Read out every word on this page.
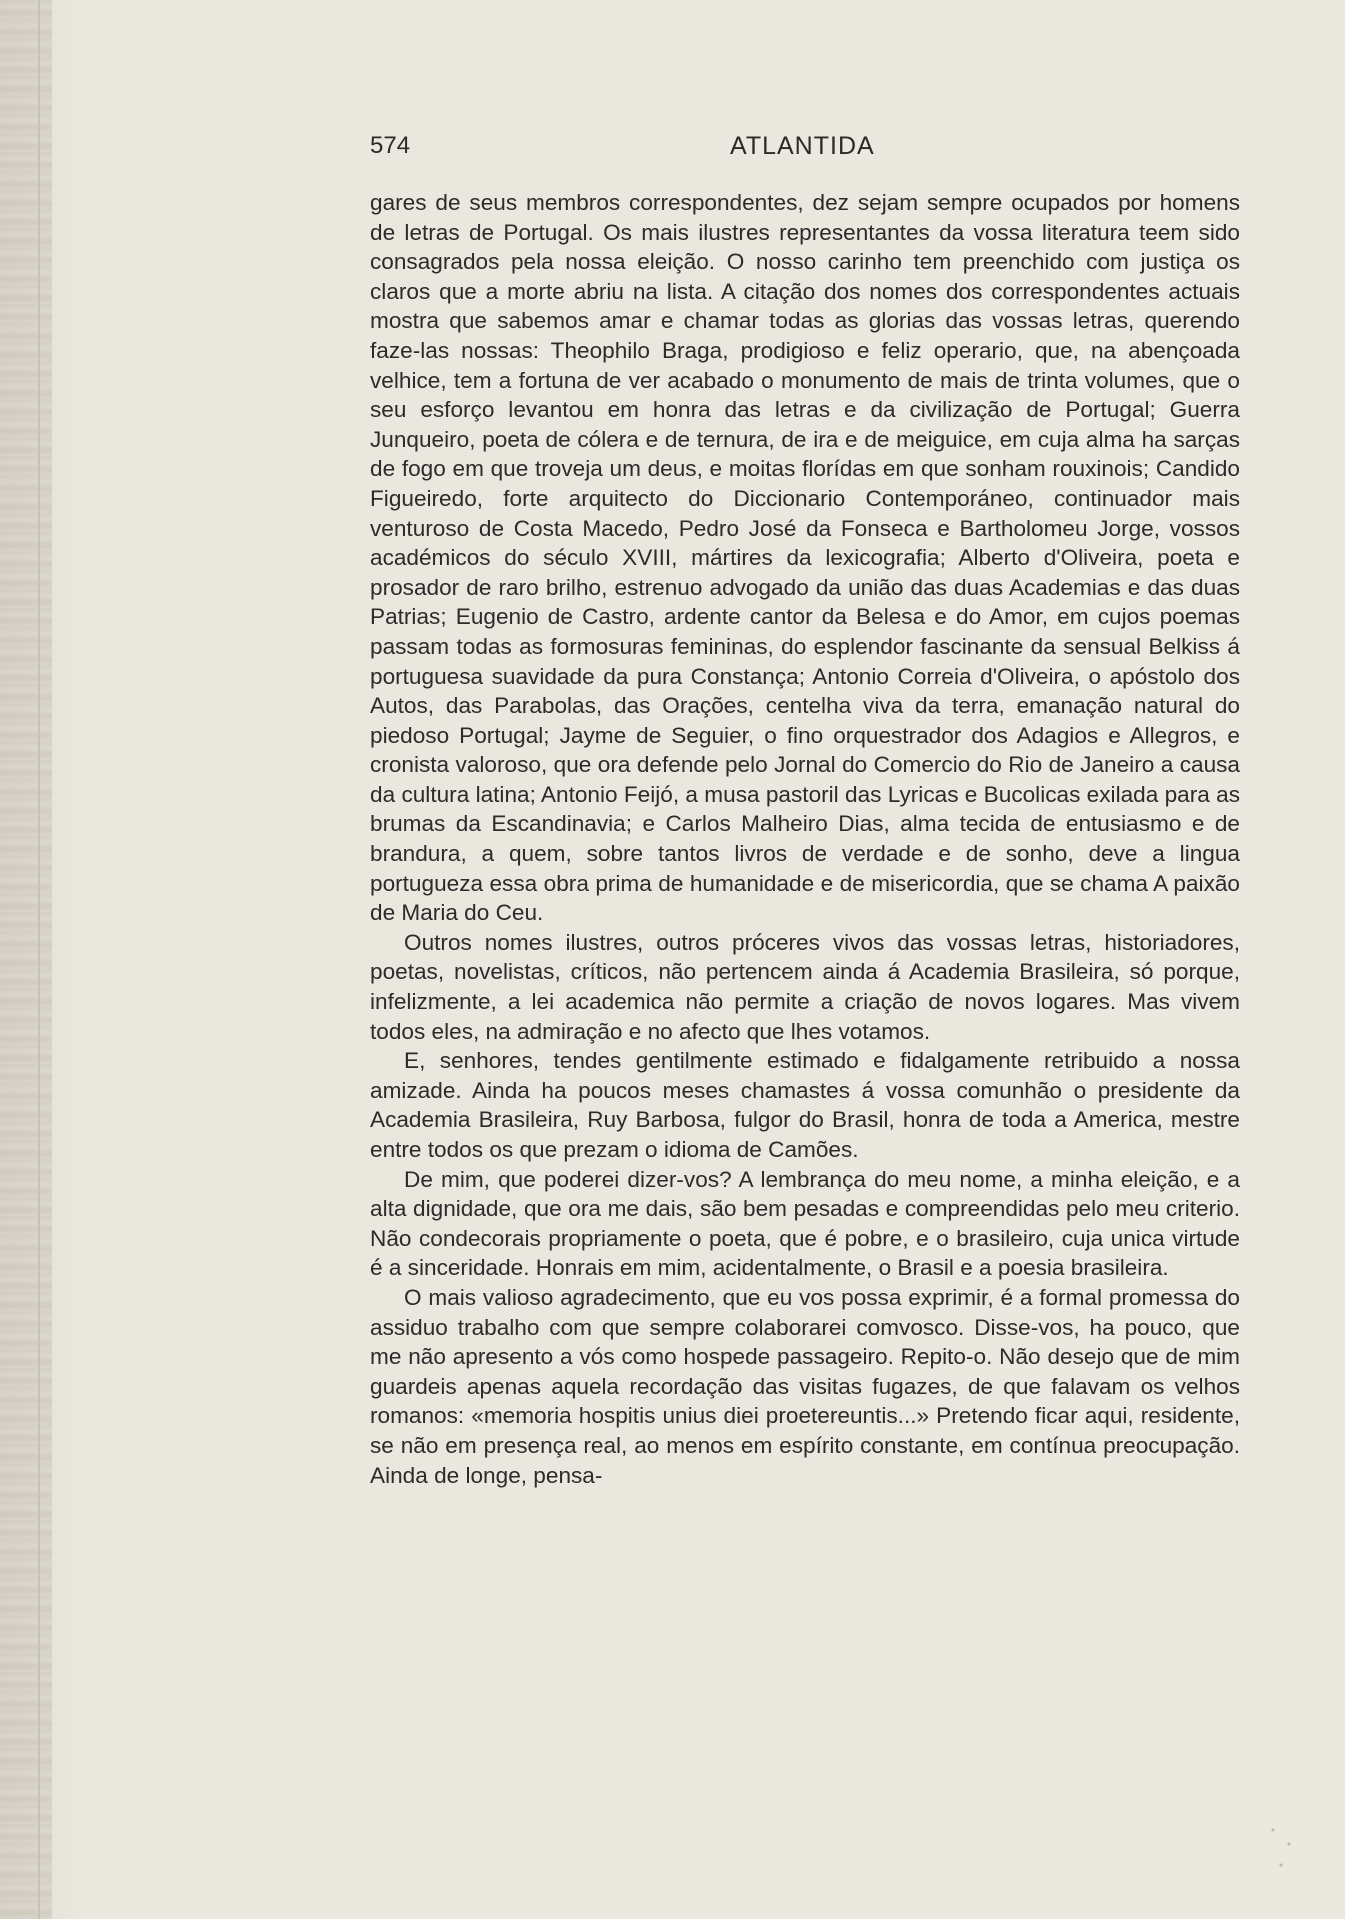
574	ATLANTIDA

gares de seus membros correspondentes, dez sejam sempre ocupados por homens de letras de Portugal. Os mais ilustres representantes da vossa literatura teem sido consagrados pela nossa eleição. O nosso carinho tem preenchido com justiça os claros que a morte abriu na lista. A citação dos nomes dos correspondentes actuais mostra que sabemos amar e chamar todas as glorias das vossas letras, querendo faze-las nossas: Theophilo Braga, prodigioso e feliz operario, que, na abençoada velhice, tem a fortuna de ver acabado o monumento de mais de trinta volumes, que o seu esforço levantou em honra das letras e da civilização de Portugal; Guerra Junqueiro, poeta de cólera e de ternura, de ira e de meiguice, em cuja alma ha sarças de fogo em que troveja um deus, e moitas florídas em que sonham rouxinois; Candido Figueiredo, forte arquitecto do Diccionario Contemporáneo, continuador mais venturoso de Costa Macedo, Pedro José da Fonseca e Bartholomeu Jorge, vossos académicos do século XVIII, mártires da lexicografia; Alberto d'Oliveira, poeta e prosador de raro brilho, estrenuo advogado da união das duas Academias e das duas Patrias; Eugenio de Castro, ardente cantor da Belesa e do Amor, em cujos poemas passam todas as formosuras femininas, do esplendor fascinante da sensual Belkiss á portuguesa suavidade da pura Constança; Antonio Correia d'Oliveira, o apóstolo dos Autos, das Parabolas, das Orações, centelha viva da terra, emanação natural do piedoso Portugal; Jayme de Seguier, o fino orquestrador dos Adagios e Allegros, e cronista valoroso, que ora defende pelo Jornal do Comercio do Rio de Janeiro a causa da cultura latina; Antonio Feijó, a musa pastoril das Lyricas e Bucolicas exilada para as brumas da Escandinavia; e Carlos Malheiro Dias, alma tecida de entusiasmo e de brandura, a quem, sobre tantos livros de verdade e de sonho, deve a lingua portugueza essa obra prima de humanidade e de misericordia, que se chama A paixão de Maria do Ceu.

Outros nomes ilustres, outros próceres vivos das vossas letras, historiadores, poetas, novelistas, críticos, não pertencem ainda á Academia Brasileira, só porque, infelizmente, a lei academica não permite a criação de novos logares. Mas vivem todos eles, na admiração e no afecto que lhes votamos.

E, senhores, tendes gentilmente estimado e fidalgamente retribuido a nossa amizade. Ainda ha poucos meses chamastes á vossa comunhão o presidente da Academia Brasileira, Ruy Barbosa, fulgor do Brasil, honra de toda a America, mestre entre todos os que prezam o idioma de Camões.

De mim, que poderei dizer-vos? A lembrança do meu nome, a minha eleição, e a alta dignidade, que ora me dais, são bem pesadas e compreendidas pelo meu criterio. Não condecorais propriamente o poeta, que é pobre, e o brasileiro, cuja unica virtude é a sinceridade. Honrais em mim, acidentalmente, o Brasil e a poesia brasileira.

O mais valioso agradecimento, que eu vos possa exprimir, é a formal promessa do assiduo trabalho com que sempre colaborarei comvosco. Disse-vos, ha pouco, que me não apresento a vós como hospede passageiro. Repito-o. Não desejo que de mim guardeis apenas aquela recordação das visitas fugazes, de que falavam os velhos romanos: «memoria hospitis unius diei proetereuntis...» Pretendo ficar aqui, residente, se não em presença real, ao menos em espírito constante, em contínua preocupação. Ainda de longe, pensa-
